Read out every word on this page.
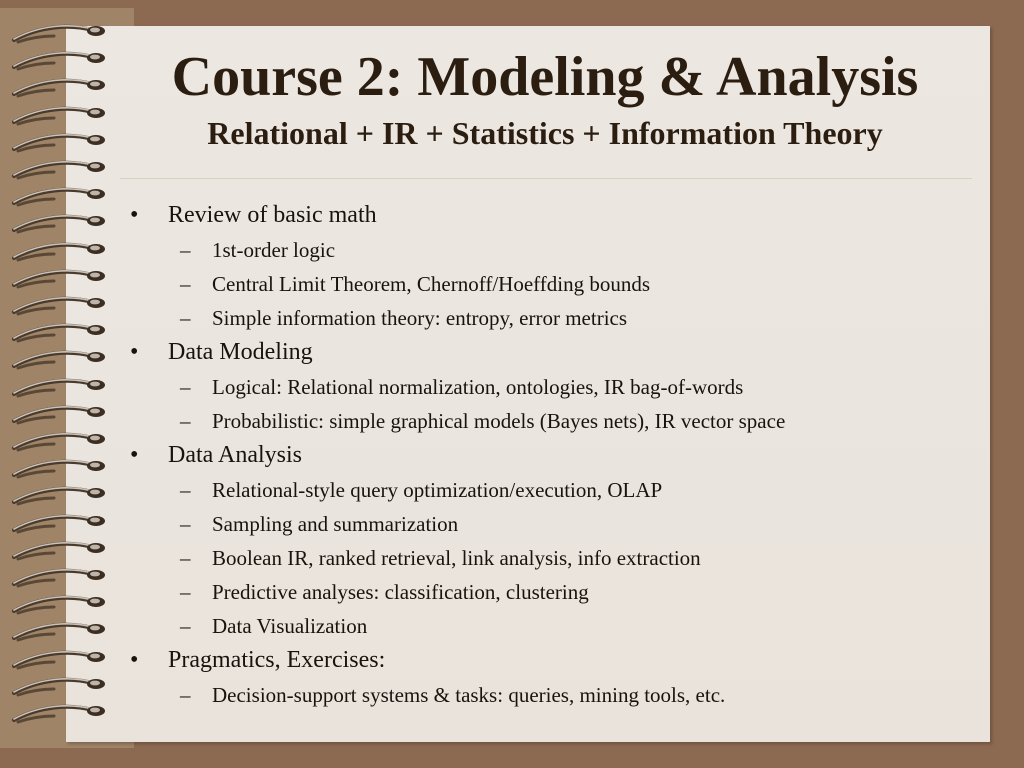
Course 2: Modeling & Analysis
Relational + IR + Statistics + Information Theory
•	Review of basic math
–	1st-order logic
–	Central Limit Theorem, Chernoff/Hoeffding bounds
–	Simple information theory: entropy, error metrics
•	Data Modeling
–	Logical: Relational normalization, ontologies, IR bag-of-words
–	Probabilistic: simple graphical models (Bayes nets), IR vector space
•	Data Analysis
–	Relational-style query optimization/execution, OLAP
–	Sampling and summarization
–	Boolean IR, ranked retrieval, link analysis, info extraction
–	Predictive analyses: classification, clustering
–	Data Visualization
•	Pragmatics, Exercises:
–	Decision-support systems & tasks: queries, mining tools, etc.
